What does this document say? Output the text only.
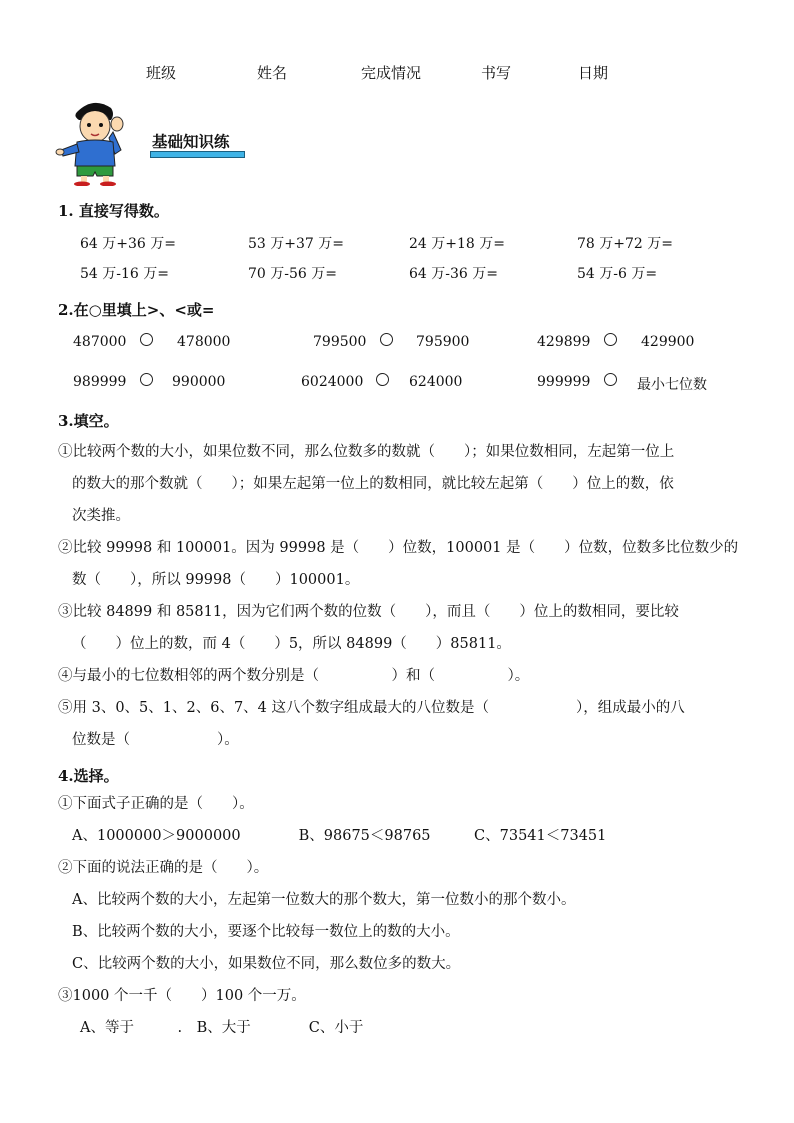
班级	姓名	完成情况	书写	日期
基础知识练
1. 直接写得数。
64 万+36 万=	53 万+37 万=	24 万+18 万=	78 万+72 万=
54 万-16 万=	70 万-56 万=	64 万-36 万=	54 万-6 万=
2.在○里填上>、<或=
487000	478000	799500	795900	429899	429900
989999	990000	6024000	624000	999999	最小七位数
3.填空。
①比较两个数的大小，如果位数不同，那么位数多的数就（　　）；如果位数相同，左起第一位上
的数大的那个数就（　　）；如果左起第一位上的数相同，就比较左起第（　　）位上的数，依
次类推。
②比较 99998 和 100001。因为 99998 是（　　）位数，100001 是（　　）位数，位数多比位数少的
数（　　），所以 99998（　　）100001。
③比较 84899 和 85811，因为它们两个数的位数（　　），而且（　　）位上的数相同，要比较
（　　）位上的数，而 4（　　）5，所以 84899（　　）85811。
④与最小的七位数相邻的两个数分别是（　　　　　）和（　　　　　）。
⑤用 3、0、5、1、2、6、7、4 这八个数字组成最大的八位数是（　　　　　　），组成最小的八
位数是（　　　　　　）。
4.选择。
①下面式子正确的是（　　）。
A、1000000＞9000000　　　　B、98675＜98765　　　C、73541＜73451
②下面的说法正确的是（　　）。
A、比较两个数的大小，左起第一位数大的那个数大，第一位数小的那个数小。
B、比较两个数的大小，要逐个比较每一数位上的数的大小。
C、比较两个数的大小，如果数位不同，那么数位多的数大。
③1000 个一千（　　）100 个一万。
A、等于　　　.　B、大于　　　　C、小于
